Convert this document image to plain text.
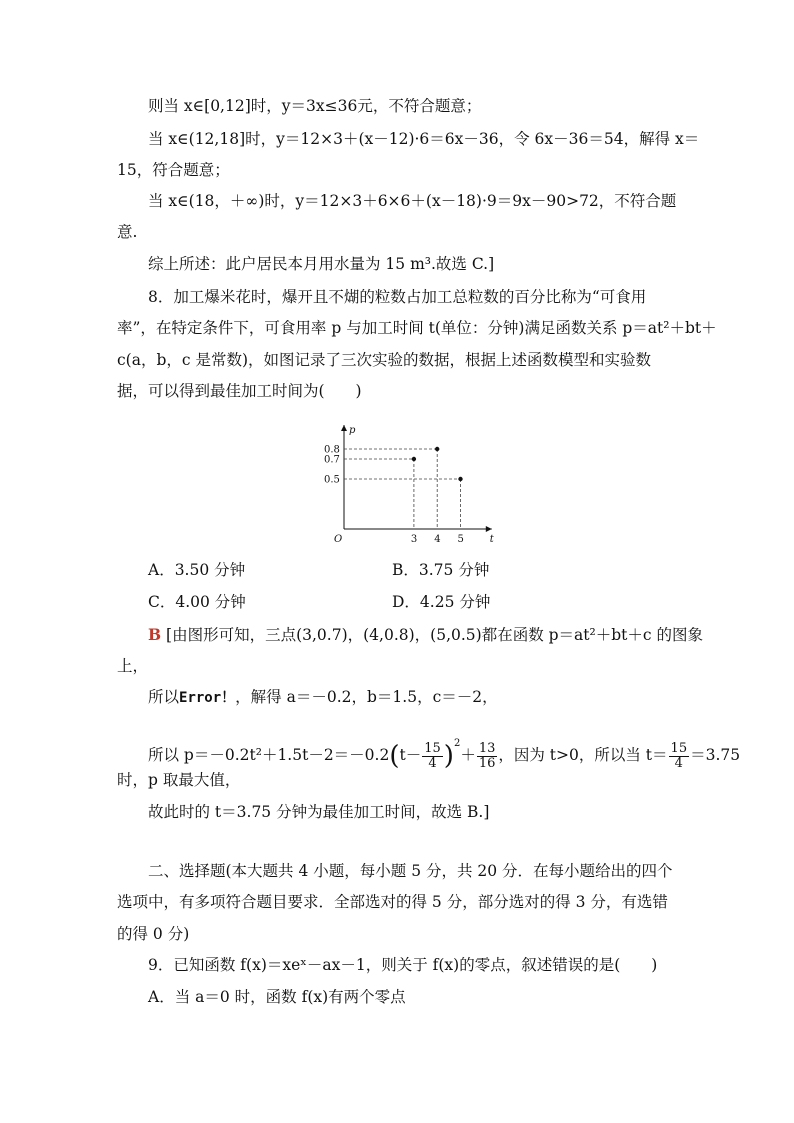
则当 x∈[0,12]时，y＝3x≤36元，不符合题意；
当 x∈(12,18]时，y＝12×3＋(x－12)·6＝6x－36，令 6x－36＝54，解得 x＝
15，符合题意；
当 x∈(18，＋∞)时，y＝12×3＋6×6＋(x－18)·9＝9x－90>72，不符合题
意.
综上所述：此户居民本月用水量为 15 m³.故选 C.]
8．加工爆米花时，爆开且不煳的粒数占加工总粒数的百分比称为“可食用
率”，在特定条件下，可食用率 p 与加工时间 t(单位：分钟)满足函数关系 p＝at²＋bt＋
c(a，b，c 是常数)，如图记录了三次实验的数据，根据上述函数模型和实验数
据，可以得到最佳加工时间为(　　)
t
p
O	3 4 5
0.5
0.7
0.8
A．3.50 分钟	B．3.75 分钟
C．4.00 分钟	D．4.25 分钟
B [由图形可知，三点(3,0.7)，(4,0.8)，(5,0.5)都在函数 p＝at²＋bt＋c 的图象
上，
所以Error！，解得 a＝－0.2，b＝1.5，c＝－2，
所以 $p=-0.2t^2+1.5t-2=-0.2(t- \frac{15}{4} )^2+ \frac{13}{16}$ ，因为 t>0，所以当 $t= \frac{15}{4} =3.75$
时，p 取最大值，
故此时的 t＝3.75 分钟为最佳加工时间，故选 B.]
二、选择题(本大题共 4 小题，每小题 5 分，共 20 分．在每小题给出的四个
选项中，有多项符合题目要求．全部选对的得 5 分，部分选对的得 3 分，有选错
的得 0 分)
9．已知函数 f(x)＝xeˣ－ax－1，则关于 f(x)的零点，叙述错误的是(　　)
A．当 a＝0 时，函数 f(x)有两个零点
